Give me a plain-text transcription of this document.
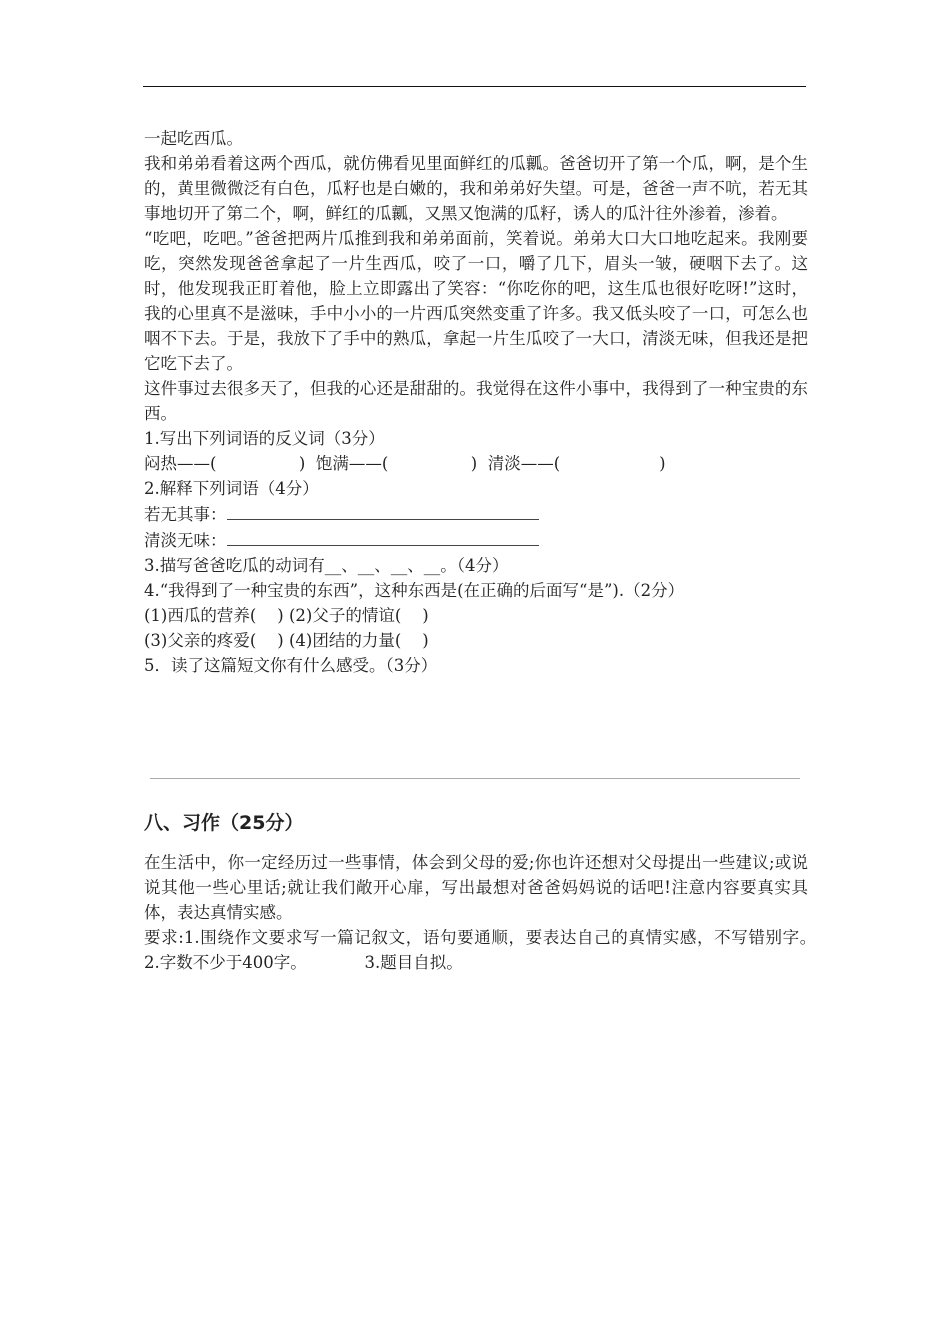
一起吃西瓜。

我和弟弟看着这两个西瓜，就仿佛看见里面鲜红的瓜瓤。爸爸切开了第一个瓜，啊，是个生的，黄里微微泛有白色，瓜籽也是白嫩的，我和弟弟好失望。可是，爸爸一声不吭，若无其事地切开了第二个，啊，鲜红的瓜瓤，又黑又饱满的瓜籽，诱人的瓜汁往外渗着，渗着。

“吃吧，吃吧。”爸爸把两片瓜推到我和弟弟面前，笑着说。弟弟大口大口地吃起来。我刚要吃，突然发现爸爸拿起了一片生西瓜，咬了一口，嚼了几下，眉头一皱，硬咽下去了。这时，他发现我正盯着他，脸上立即露出了笑容：“你吃你的吧，这生瓜也很好吃呀!”这时，我的心里真不是滋味，手中小小的一片西瓜突然变重了许多。我又低头咬了一口，可怎么也咽不下去。于是，我放下了手中的熟瓜，拿起一片生瓜咬了一大口，清淡无味，但我还是把它吃下去了。

这件事过去很多天了，但我的心还是甜甜的。我觉得在这件小事中，我得到了一种宝贵的东西。

1.写出下列词语的反义词（3分）

闷热——(　　　　　)  饱满——(　　　　　)  清淡——(　　　　　　)

2.解释下列词语（4分）

若无其事：

清淡无味：

3.描写爸爸吃瓜的动词有__、__、__、__。（4分）

4.“我得到了一种宝贵的东西”，这种东西是(在正确的后面写“是”).（2分）

(1)西瓜的营养(    ) (2)父子的情谊(    )

(3)父亲的疼爱(    ) (4)团结的力量(    )

5．读了这篇短文你有什么感受。（3分）

八、习作（25分）

在生活中，你一定经历过一些事情，体会到父母的爱;你也许还想对父母提出一些建议;或说说其他一些心里话;就让我们敞开心扉，写出最想对爸爸妈妈说的话吧!注意内容要真实具体，表达真情实感。

要求:1.围绕作文要求写一篇记叙文，语句要通顺，要表达自己的真情实感，不写错别字。　　　2.字数不少于400字。　　　　3.题目自拟。
